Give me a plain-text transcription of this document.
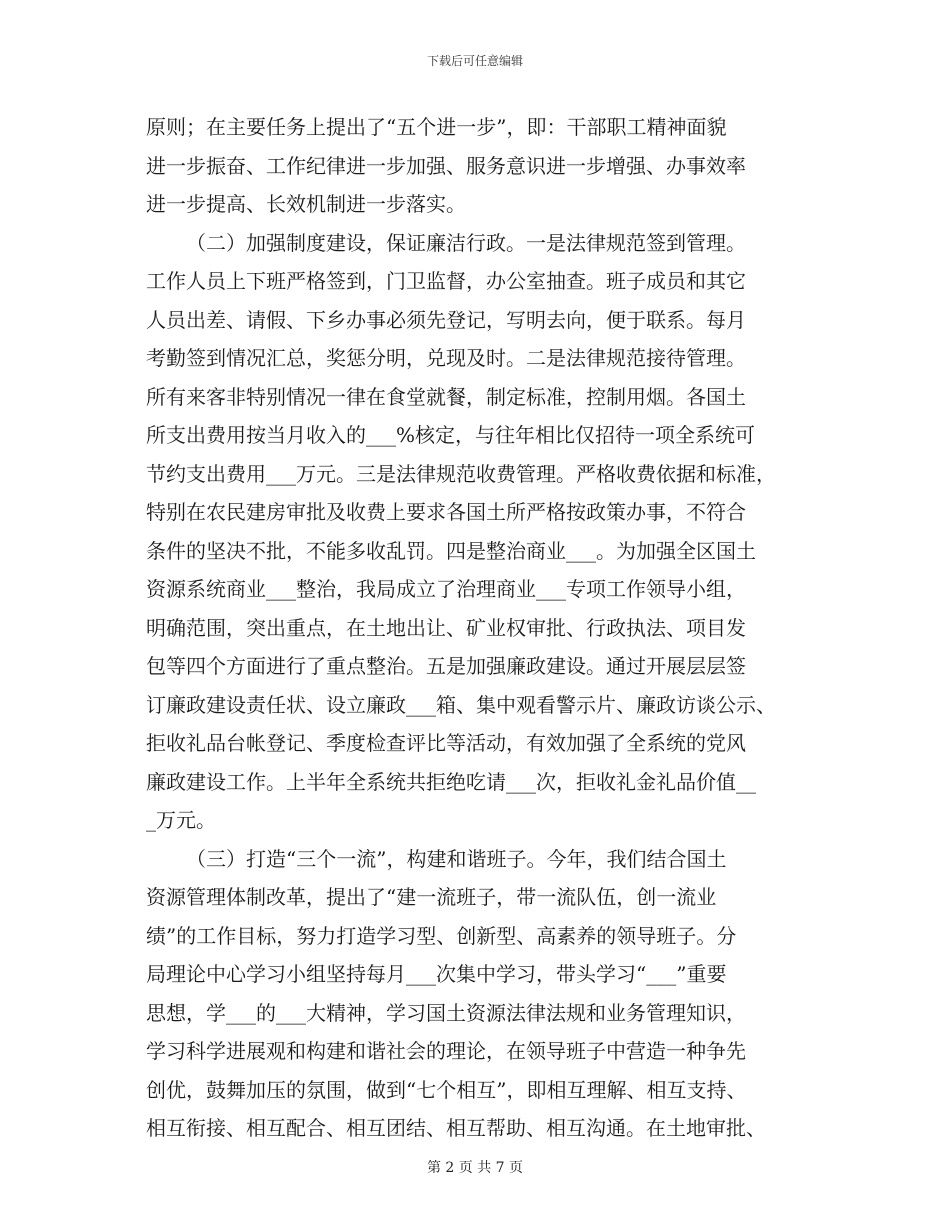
下载后可任意编辑
原则；在主要任务上提出了“五个进一步”，即：干部职工精神面貌
进一步振奋、工作纪律进一步加强、服务意识进一步增强、办事效率
进一步提高、长效机制进一步落实。
（二）加强制度建设，保证廉洁行政。一是法律规范签到管理。
工作人员上下班严格签到，门卫监督，办公室抽查。班子成员和其它
人员出差、请假、下乡办事必须先登记，写明去向，便于联系。每月
考勤签到情况汇总，奖惩分明，兑现及时。二是法律规范接待管理。
所有来客非特别情况一律在食堂就餐，制定标准，控制用烟。各国土
所支出费用按当月收入的___%核定，与往年相比仅招待一项全系统可
节约支出费用___万元。三是法律规范收费管理。严格收费依据和标准，
特别在农民建房审批及收费上要求各国土所严格按政策办事，不符合
条件的坚决不批，不能多收乱罚。四是整治商业___。为加强全区国土
资源系统商业___整治，我局成立了治理商业___专项工作领导小组，
明确范围，突出重点，在土地出让、矿业权审批、行政执法、项目发
包等四个方面进行了重点整治。五是加强廉政建设。通过开展层层签
订廉政建设责任状、设立廉政___箱、集中观看警示片、廉政访谈公示、
拒收礼品台帐登记、季度检查评比等活动，有效加强了全系统的党风
廉政建设工作。上半年全系统共拒绝吃请___次，拒收礼金礼品价值__
_万元。
（三）打造“三个一流”，构建和谐班子。今年，我们结合国土
资源管理体制改革，提出了“建一流班子，带一流队伍，创一流业
绩”的工作目标，努力打造学习型、创新型、高素养的领导班子。分
局理论中心学习小组坚持每月___次集中学习，带头学习“___”重要
思想，学___的___大精神，学习国土资源法律法规和业务管理知识，
学习科学进展观和构建和谐社会的理论，在领导班子中营造一种争先
创优，鼓舞加压的氛围，做到“七个相互”，即相互理解、相互支持、
相互衔接、相互配合、相互团结、相互帮助、相互沟通。在土地审批、
第 2 页 共 7 页
